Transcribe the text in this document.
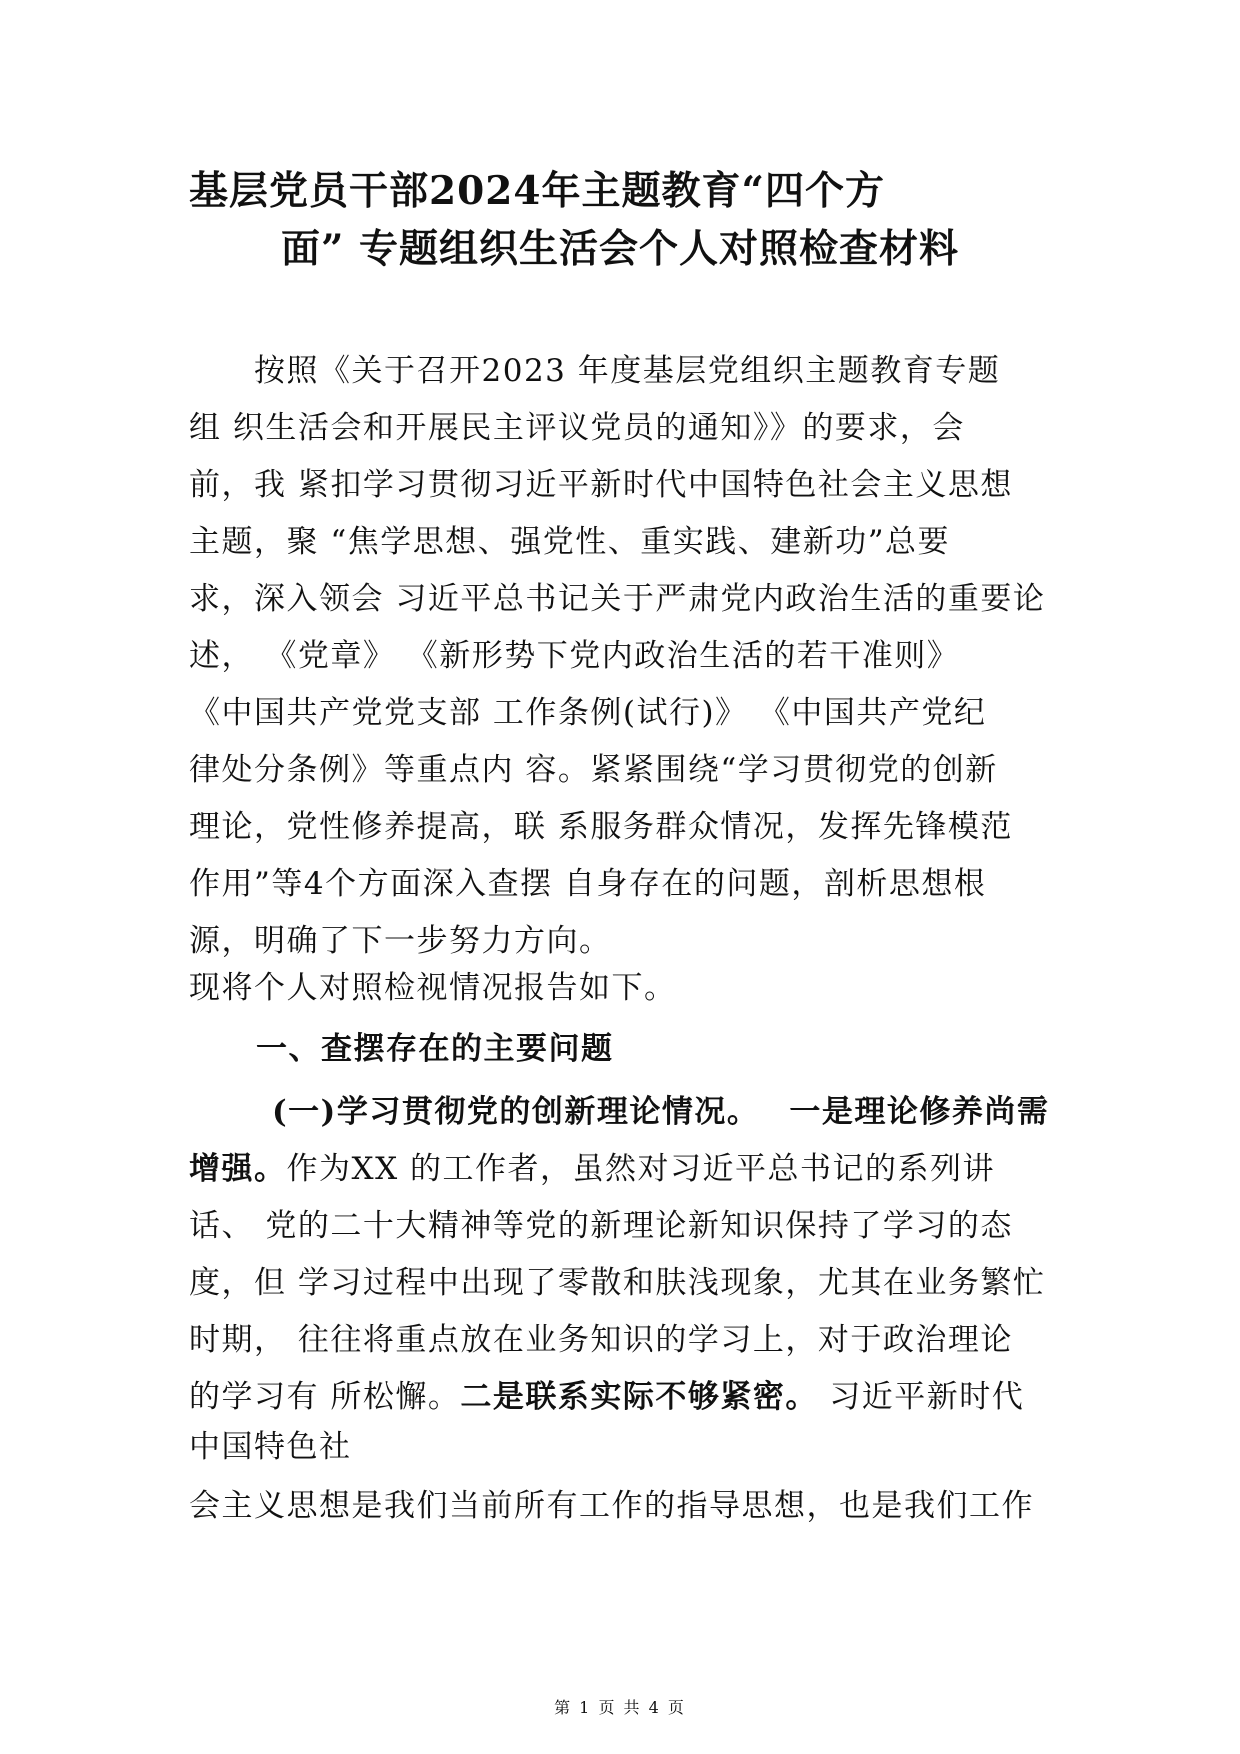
基层党员干部2024年主题教育“四个方
面” 专题组织生活会个人对照检查材料
　　按照《关于召开2023 年度基层党组织主题教育专题
组 织生活会和开展民主评议党员的通知》》的要求，会
前，我 紧扣学习贯彻习近平新时代中国特色社会主义思想
主题，聚 “焦学思想、强党性、重实践、建新功”总要
求，深入领会 习近平总书记关于严肃党内政治生活的重要论
述， 《党章》 《新形势下党内政治生活的若干准则》
《中国共产党党支部 工作条例(试行)》 《中国共产党纪
律处分条例》等重点内 容。紧紧围绕“学习贯彻党的创新
理论，党性修养提高，联 系服务群众情况，发挥先锋模范
作用”等4个方面深入查摆 自身存在的问题，剖析思想根
源，明确了下一步努力方向。
现将个人对照检视情况报告如下。
一、查摆存在的主要问题
(一)学习贯彻党的创新理论情况。 一是理论修养尚需
增强。作为XX 的工作者，虽然对习近平总书记的系列讲
话、 党的二十大精神等党的新理论新知识保持了学习的态
度，但 学习过程中出现了零散和肤浅现象，尤其在业务繁忙
时期， 往往将重点放在业务知识的学习上，对于政治理论
的学习有 所松懈。二是联系实际不够紧密。 习近平新时代
中国特色社
会主义思想是我们当前所有工作的指导思想，也是我们工作
第 1 页 共 4 页
